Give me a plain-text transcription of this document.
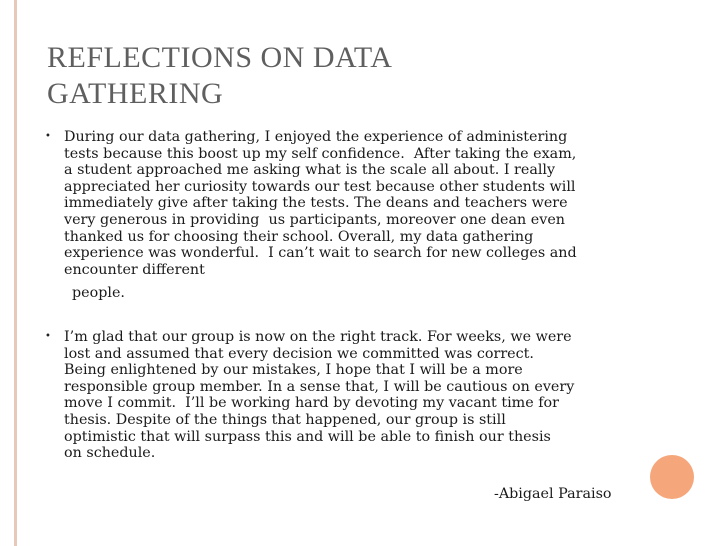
REFLECTIONS ON DATA
GATHERING
• During our data gathering, I enjoyed the experience of administering
tests because this boost up my self confidence.  After taking the exam,
a student approached me asking what is the scale all about. I really
appreciated her curiosity towards our test because other students will
immediately give after taking the tests. The deans and teachers were
very generous in providing  us participants, moreover one dean even
thanked us for choosing their school. Overall, my data gathering
experience was wonderful.  I can’t wait to search for new colleges and
encounter different
people.
• I’m glad that our group is now on the right track. For weeks, we were
lost and assumed that every decision we committed was correct.
Being enlightened by our mistakes, I hope that I will be a more
responsible group member. In a sense that, I will be cautious on every
move I commit.  I’ll be working hard by devoting my vacant time for
thesis. Despite of the things that happened, our group is still
optimistic that will surpass this and will be able to finish our thesis
on schedule.
-Abigael Paraiso
